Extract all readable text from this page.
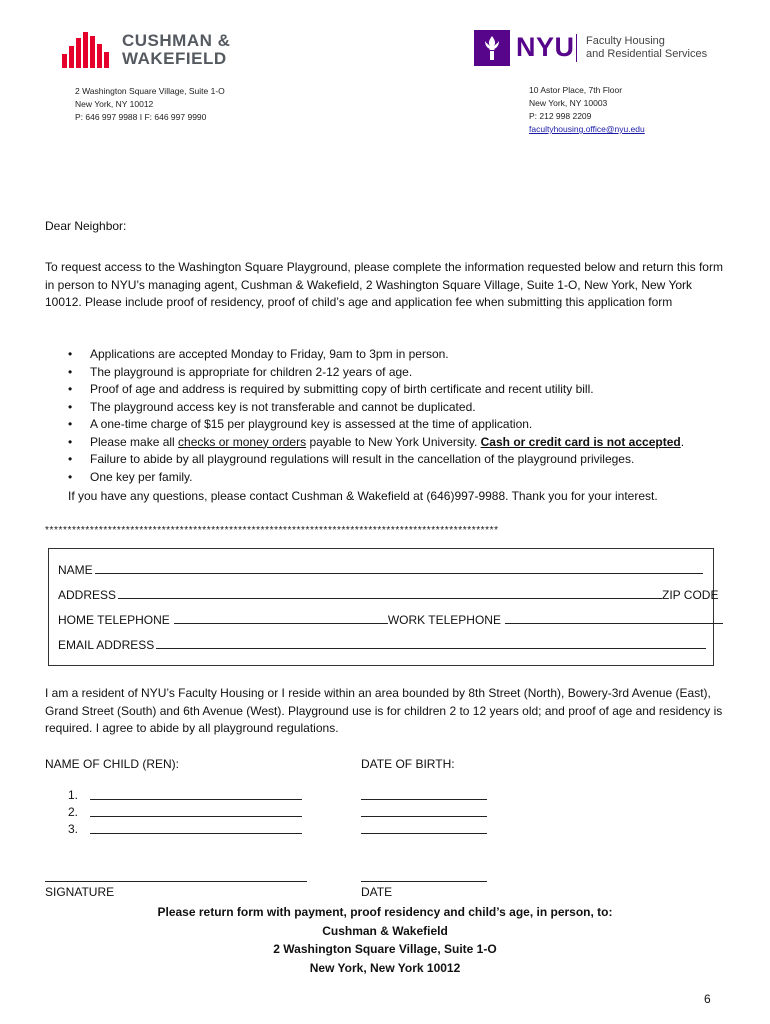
CUSHMAN &
WAKEFIELD	NYU Faculty Housing
and Residential Services
2 Washington Square Village, Suite 1-O
New York, NY 10012
P: 646 997 9988 I F: 646 997 9990
10 Astor Place, 7th Floor
New York, NY 10003
P: 212 998 2209
facultyhousing.office@nyu.edu
Dear Neighbor:
To request access to the Washington Square Playground, please complete the information requested below and return this form in person to NYU’s managing agent, Cushman & Wakefield, 2 Washington Square Village, Suite 1-O, New York, New York 10012. Please include proof of residency, proof of child’s age and application fee when submitting this application form
• Applications are accepted Monday to Friday, 9am to 3pm in person.
• The playground is appropriate for children 2-12 years of age.
• Proof of age and address is required by submitting copy of birth certificate and recent utility bill.
• The playground access key is not transferable and cannot be duplicated.
• A one-time charge of $15 per playground key is assessed at the time of application.
• Please make all checks or money orders payable to New York University. Cash or credit card is not accepted.
• Failure to abide by all playground regulations will result in the cancellation of the playground privileges.
• One key per family.
If you have any questions, please contact Cushman & Wakefield at (646)997-9988. Thank you for your interest.
*****************************************************************************************************
NAME
ADDRESS	ZIP CODE
HOME TELEPHONE	WORK TELEPHONE
EMAIL ADDRESS
I am a resident of NYU’s Faculty Housing or I reside within an area bounded by 8th Street (North), Bowery-3rd Avenue (East), Grand Street (South) and 6th Avenue (West). Playground use is for children 2 to 12 years old; and proof of age and residency is required. I agree to abide by all playground regulations.
NAME OF CHILD (REN):	DATE OF BIRTH:
1.
2.
3.
SIGNATURE	DATE
Please return form with payment, proof residency and child’s age, in person, to:
Cushman & Wakefield
2 Washington Square Village, Suite 1-O
New York, New York 10012
6
